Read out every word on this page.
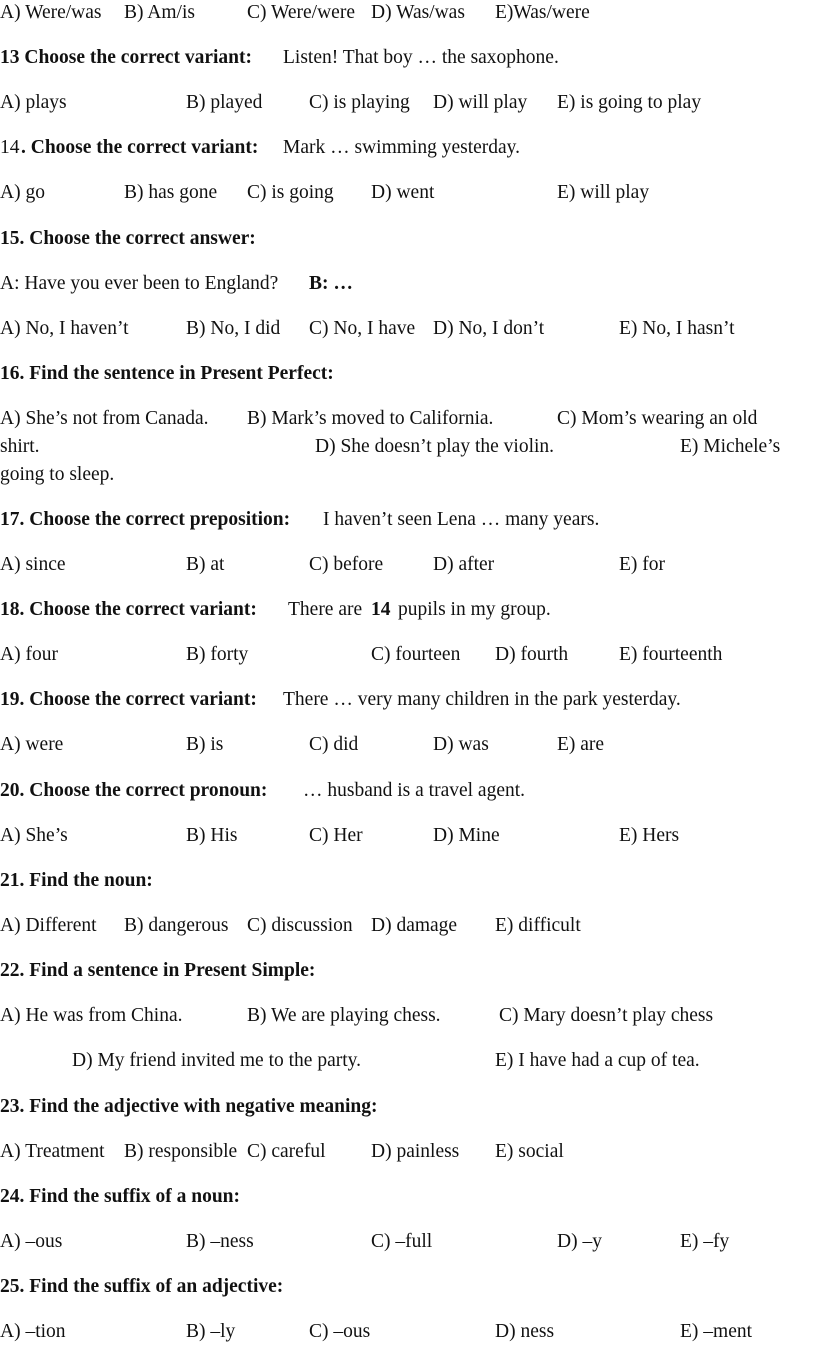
A) Were/was B) Am/is	C) Were/were D) Was/was E)Was/were
13 Choose the correct variant: Listen! That boy … the saxophone.
A) plays	B) played C) is playing D) will play E) is going to play
14 . Choose the correct variant: Mark … swimming yesterday.
A) go	B) has gone C) is going D) went	E) will play
15. Choose the correct answer:
A: Have you ever been to England? B: …
A) No, I haven’t	B) No, I did C) No, I have D) No, I don’t	E) No, I hasn’t
16. Find the sentence in Present Perfect:
A) She’s not from Canada. B) Mark’s moved to California.	C) Mom’s wearing an old
shirt.	D) She doesn’t play the violin.	E) Michele’s
going to sleep.
17. Choose the correct preposition: I haven’t seen Lena … many years.
A) since	B) at	C) before	D) after	E) for
18. Choose the correct variant: There are 14 pupils in my group.
A) four	B) forty	C) fourteen D) fourth	E) fourteenth
19. Choose the correct variant: There … very many children in the park yesterday.
A) were	B) is	C) did	D) was	E) are
20. Choose the correct pronoun: … husband is a travel agent.
A) She’s	B) His	C) Her	D) Mine	E) Hers
21. Find the noun:
A) Different B) dangerous C) discussion D) damage E) difficult
22. Find a sentence in Present Simple:
A) He was from China.	B) We are playing chess.	C) Mary doesn’t play chess
D) My friend invited me to the party.	E) I have had a cup of tea.
23. Find the adjective with negative meaning:
A) Treatment B) responsible C) careful D) painless E) social
24. Find the suffix of a noun:
A) –ous	B) –ness	C) –full	D) –y	E) –fy
25. Find the suffix of an adjective:
A) –tion	B) –ly	C) –ous	D) ness	E) –ment
